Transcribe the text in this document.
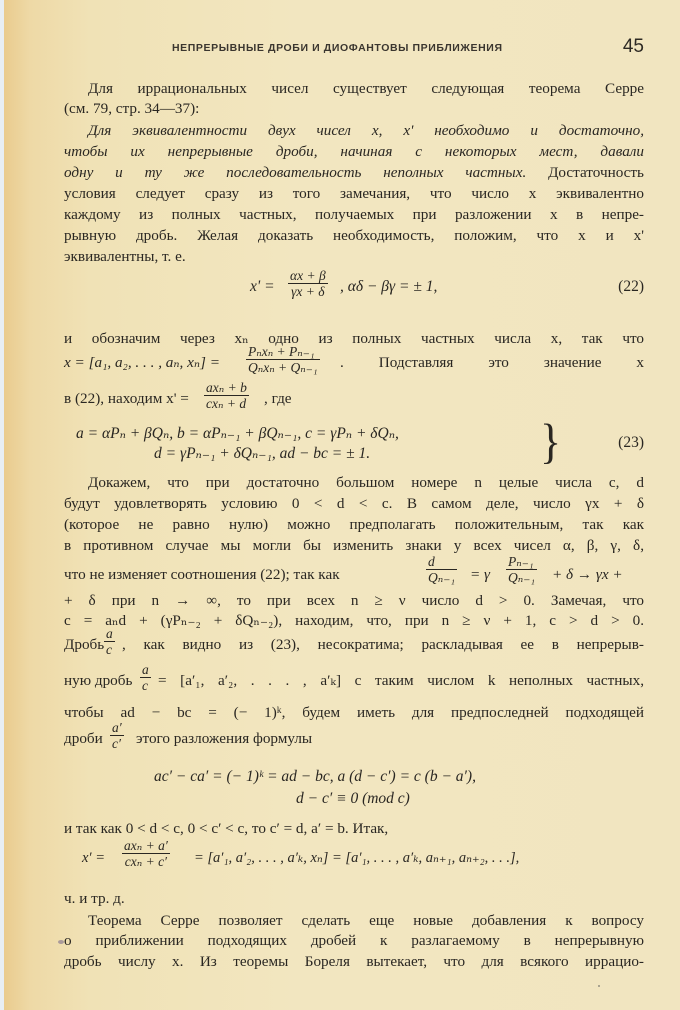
НЕПРЕРЫВНЫЕ ДРОБИ И ДИОФАНТОВЫ ПРИБЛИЖЕНИЯ	45
Для иррациональных чисел существует следующая теорема Серре
(см. 79, стр. 34—37):
Для эквивалентности двух чисел x, x' необходимо и достаточно,
чтобы их непрерывные дроби, начиная с некоторых мест, давали
одну и ту же последовательность неполных частных. Достаточность
условия следует сразу из того замечания, что число x эквивалентно
каждому из полных частных, получаемых при разложении x в непре-
рывную дробь. Желая доказать необходимость, положим, что x и x'
эквивалентны, т. е.
$x' = \frac{\alpha x + \beta}{\gamma x + \delta}$ , αδ − βγ = ± 1,	(22)
и обозначим через xₙ одно из полных частных числа x, так что
x = [a₁, a₂, . . . , aₙ, xₙ] =
Pₙxₙ + Pₙ₋₁
Qₙxₙ + Qₙ₋₁ . Подставляя это значение x
в (22), находим x' =
axₙ + b
cxₙ + d , где
a = αPₙ + βQₙ, b = αPₙ₋₁ + βQₙ₋₁, c = γPₙ + δQₙ,
d = γPₙ₋₁ + δQₙ₋₁, ad − bc = ± 1.	}	(23)
Докажем, что при достаточно большом номере n целые числа c, d
будут удовлетворять условию 0 < d < c. В самом деле, число γx + δ
(которое не равно нулю) можно предполагать положительным, так как
в противном случае мы могли бы изменить знаки у всех чисел α, β, γ, δ,
что не изменяет соотношения (22); так как	$\frac{d}{\text{Qₙ₋₁}} = \gamma \frac{\text{Pₙ₋₁}}{\text{Qₙ₋₁}} + \delta \to \gamma x$ +
+ δ при n → ∞, то при всех n ≥ ν число d > 0. Замечая, что
c = aₙd + (γPₙ₋₂ + δQₙ₋₂), находим, что, при n ≥ ν + 1, c > d > 0.
Дробь $\frac{a}{c}$ , как видно из (23), несократима; раскладывая ее в непрерыв-
ную дробь $\frac{a}{c} = [a'_1$, a′₂, . . . , a′ₖ] с таким числом k неполных частных,
чтобы ad − bc = (− 1)ᵏ, будем иметь для предпоследней подходящей
дроби $\frac{a'}{c'}$ этого разложения формулы
ac′ − ca′ = (− 1)ᵏ = ad − bc, a (d − c′) = c (b − a′),
d − c′ ≡ 0 (mod c)
и так как 0 < d < c, 0 < c′ < c, то c′ = d, a′ = b. Итак,
x′ =
axₙ + a′
cxₙ + c′ = [a′₁, a′₂, . . . , a′ₖ, xₙ] = [a′₁, . . . , a′ₖ, aₙ₊₁, aₙ₊₂, . . .],
ч. и тр. д.
Теорема Серре позволяет сделать еще новые добавления к вопросу
о приближении подходящих дробей к разлагаемому в непрерывную
дробь числу x. Из теоремы Бореля вытекает, что для всякого иррацио-
